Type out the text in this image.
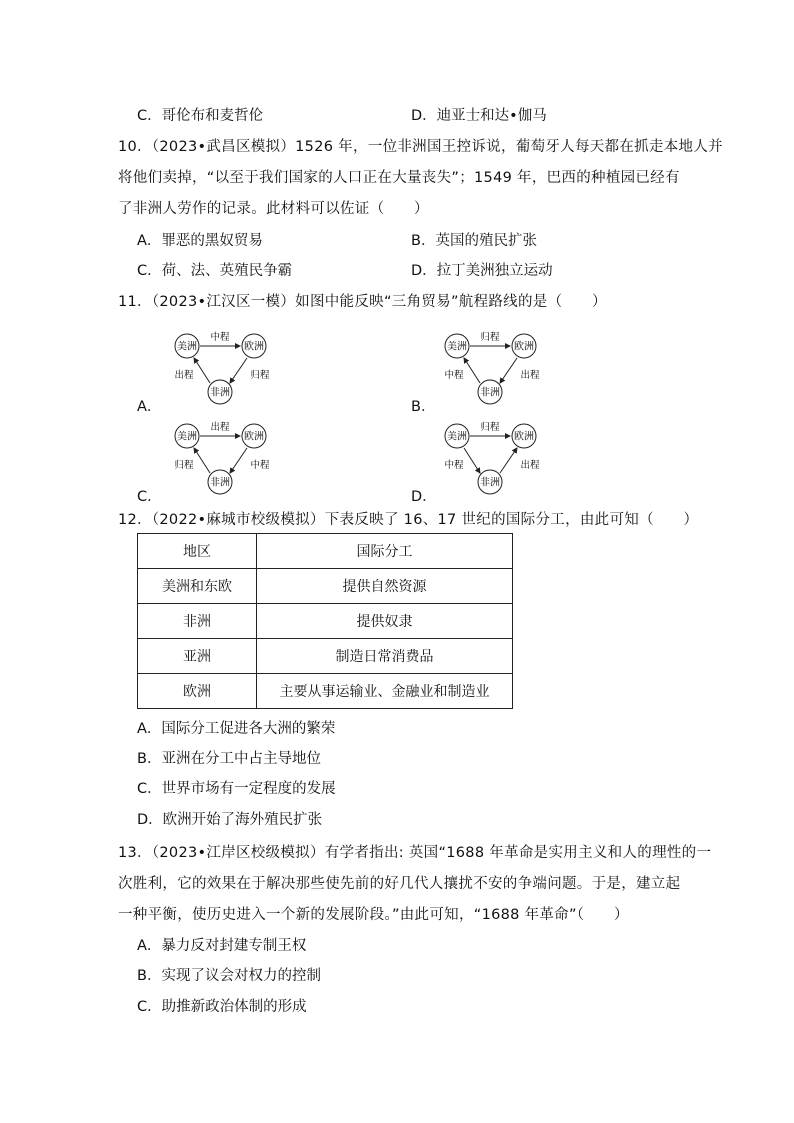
C．哥伦布和麦哲伦	D．迪亚士和达•伽马
10．（2023•武昌区模拟）1526 年，一位非洲国王控诉说，葡萄牙人每天都在抓走本地人并
将他们卖掉，“以至于我们国家的人口正在大量丧失”；1549 年，巴西的种植园已经有
了非洲人劳作的记录。此材料可以佐证（　　）
A．罪恶的黑奴贸易	B．英国的殖民扩张
C．荷、法、英殖民争霸	D．拉丁美洲独立运动
11．（2023•江汉区一模）如图中能反映“三角贸易”航程路线的是（　　）
A．	B．
C．	D．
美洲	欧洲
非洲
中程
出程	归程
美洲	欧洲
非洲
归程
中程	出程
美洲	欧洲
非洲
出程
归程	中程
美洲	欧洲
非洲
归程
中程	出程
12．（2022•麻城市校级模拟）下表反映了 16、17 世纪的国际分工，由此可知（　　）
地区	国际分工
美洲和东欧	提供自然资源
非洲	提供奴隶
亚洲	制造日常消费品
欧洲	主要从事运输业、金融业和制造业
A．国际分工促进各大洲的繁荣
B．亚洲在分工中占主导地位
C．世界市场有一定程度的发展
D．欧洲开始了海外殖民扩张
13．（2023•江岸区校级模拟）有学者指出: 英国“1688 年革命是实用主义和人的理性的一
次胜利，它的效果在于解决那些使先前的好几代人攘扰不安的争端问题。于是，建立起
一种平衡，使历史进入一个新的发展阶段。”由此可知，“1688 年革命”（　　）
A．暴力反对封建专制王权
B．实现了议会对权力的控制
C．助推新政治体制的形成
